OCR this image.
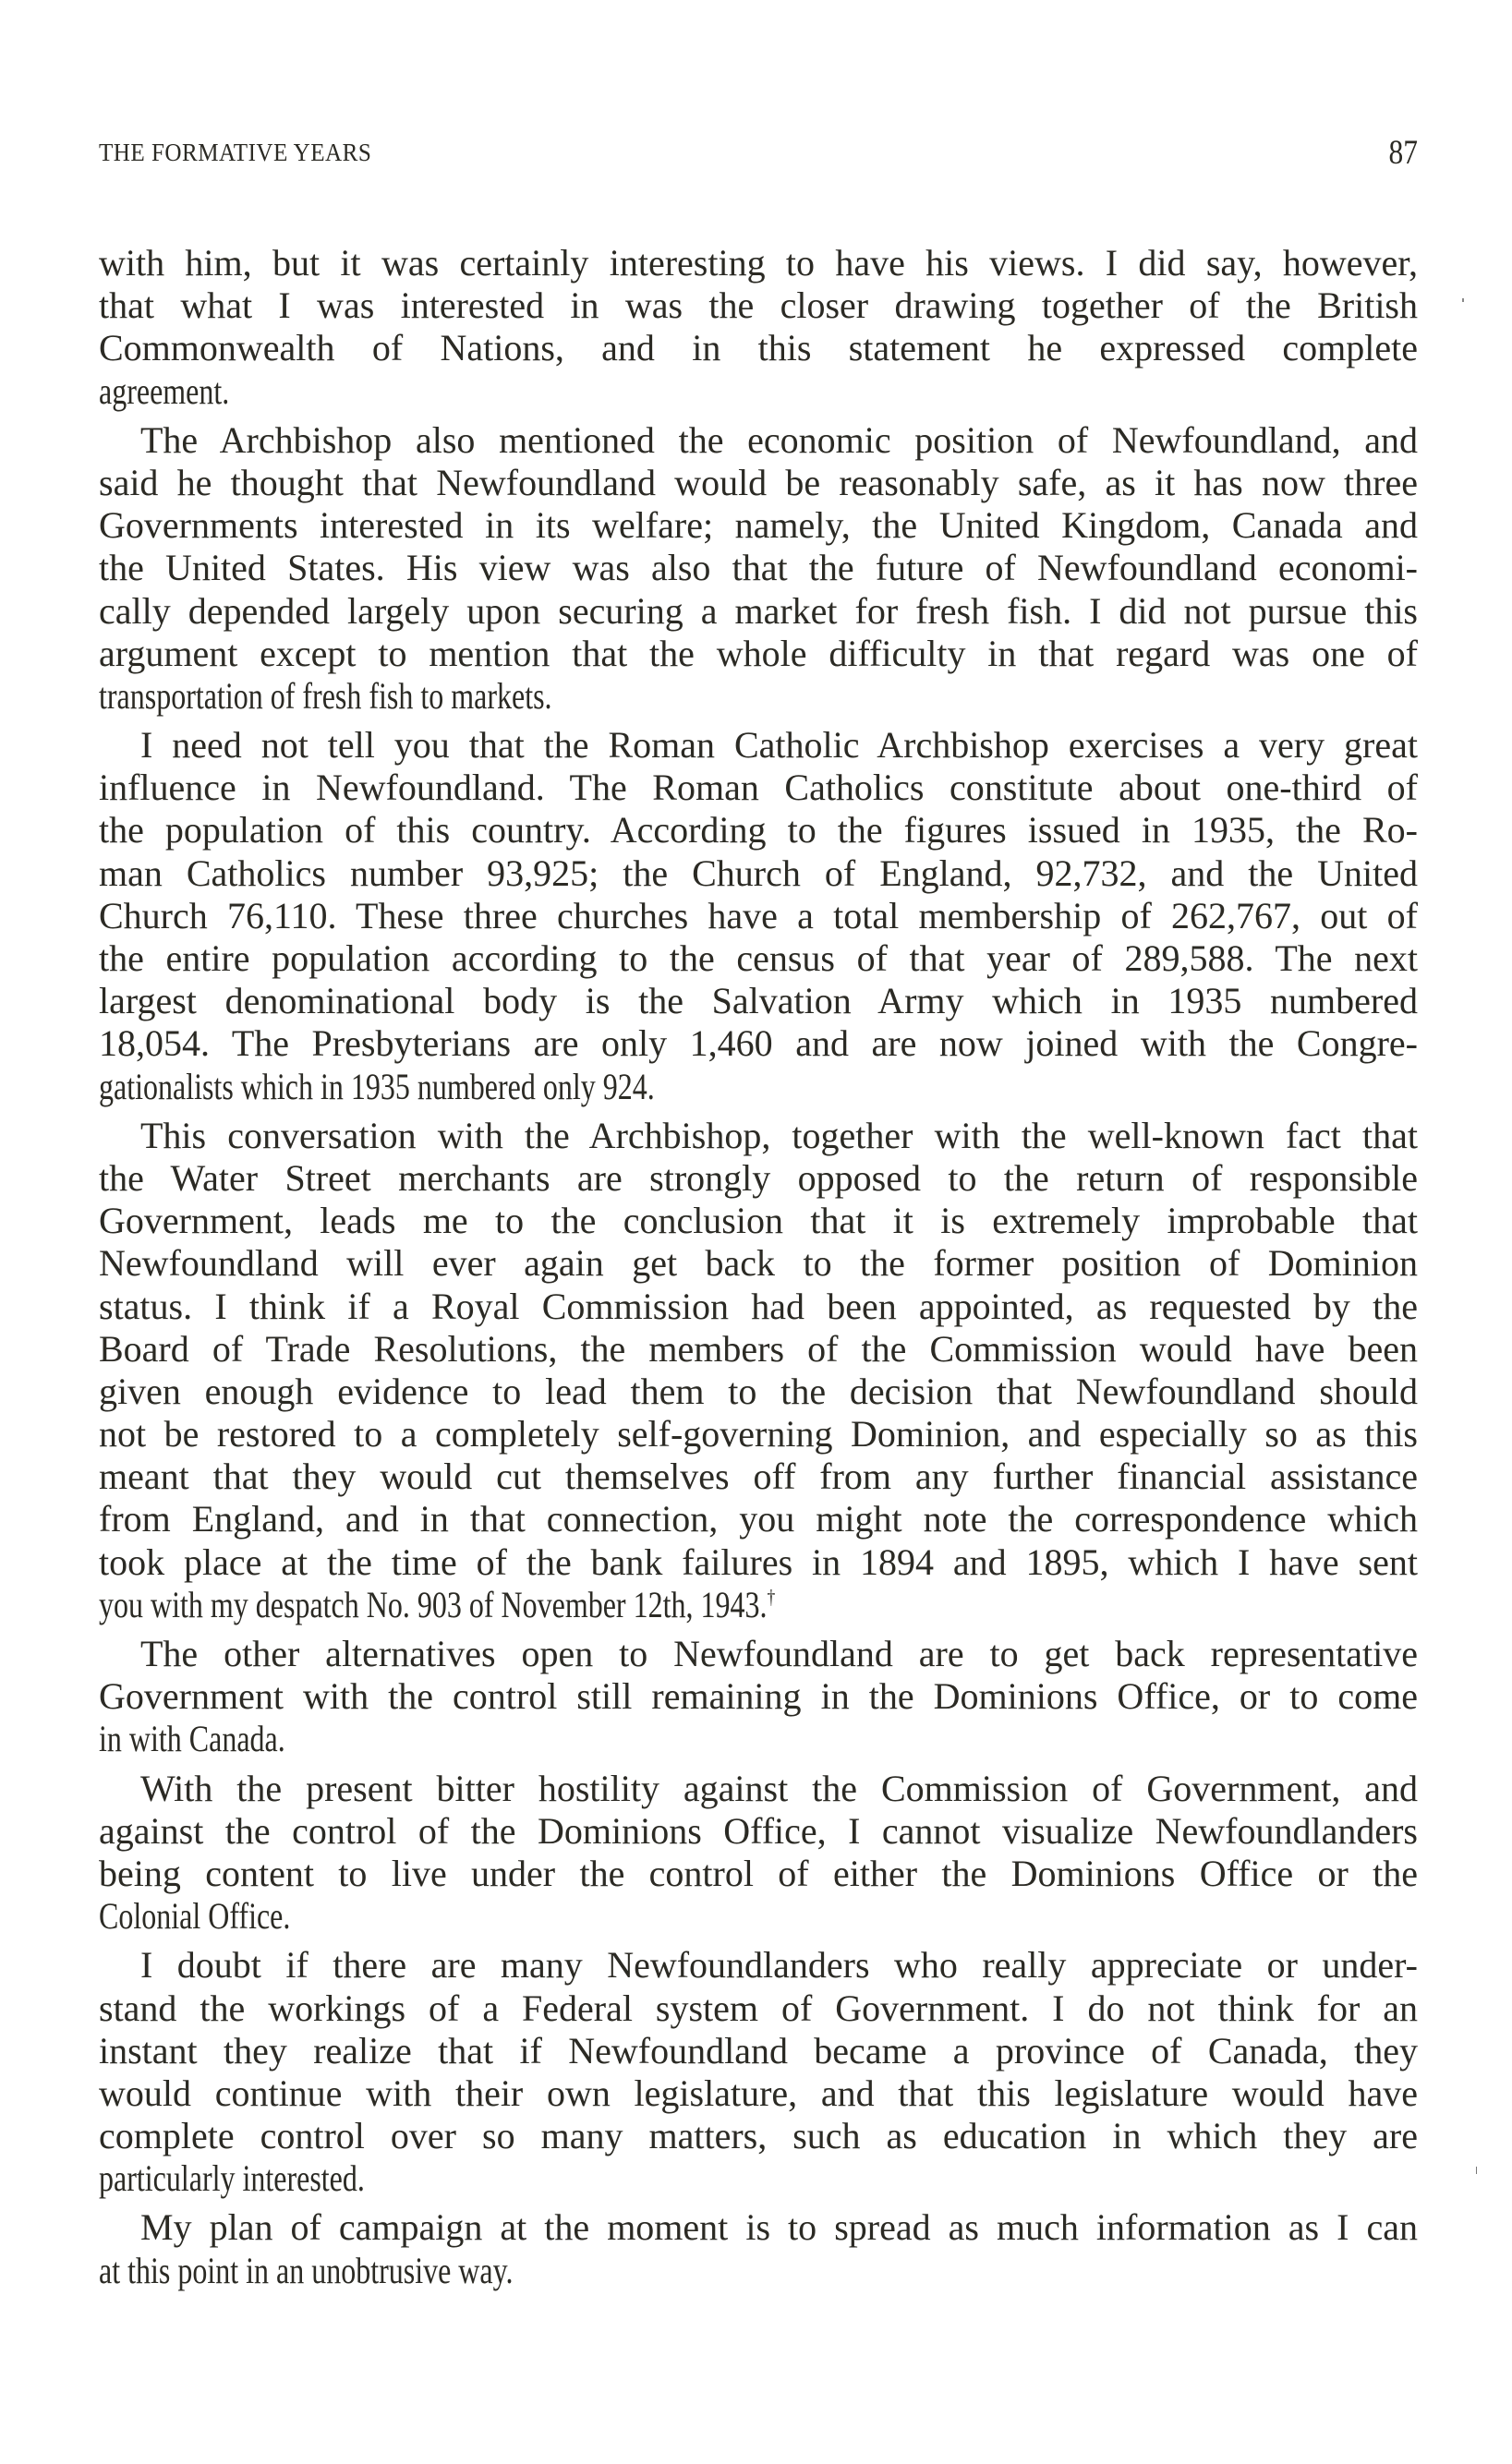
THE FORMATIVE YEARS	87

with him, but it was certainly interesting to have his views. I did say, however,
that what I was interested in was the closer drawing together of the British
Commonwealth of Nations, and in this statement he expressed complete
agreement.

The Archbishop also mentioned the economic position of Newfoundland, and
said he thought that Newfoundland would be reasonably safe, as it has now three
Governments interested in its welfare; namely, the United Kingdom, Canada and
the United States. His view was also that the future of Newfoundland economi-
cally depended largely upon securing a market for fresh fish. I did not pursue this
argument except to mention that the whole difficulty in that regard was one of
transportation of fresh fish to markets.

I need not tell you that the Roman Catholic Archbishop exercises a very great
influence in Newfoundland. The Roman Catholics constitute about one-third of
the population of this country. According to the figures issued in 1935, the Ro-
man Catholics number 93,925; the Church of England, 92,732, and the United
Church 76,110. These three churches have a total membership of 262,767, out of
the entire population according to the census of that year of 289,588. The next
largest denominational body is the Salvation Army which in 1935 numbered
18,054. The Presbyterians are only 1,460 and are now joined with the Congre-
gationalists which in 1935 numbered only 924.

This conversation with the Archbishop, together with the well-known fact that
the Water Street merchants are strongly opposed to the return of responsible
Government, leads me to the conclusion that it is extremely improbable that
Newfoundland will ever again get back to the former position of Dominion
status. I think if a Royal Commission had been appointed, as requested by the
Board of Trade Resolutions, the members of the Commission would have been
given enough evidence to lead them to the decision that Newfoundland should
not be restored to a completely self-governing Dominion, and especially so as this
meant that they would cut themselves off from any further financial assistance
from England, and in that connection, you might note the correspondence which
took place at the time of the bank failures in 1894 and 1895, which I have sent
you with my despatch No. 903 of November 12th, 1943.†

The other alternatives open to Newfoundland are to get back representative
Government with the control still remaining in the Dominions Office, or to come
in with Canada.

With the present bitter hostility against the Commission of Government, and
against the control of the Dominions Office, I cannot visualize Newfoundlanders
being content to live under the control of either the Dominions Office or the
Colonial Office.

I doubt if there are many Newfoundlanders who really appreciate or under-
stand the workings of a Federal system of Government. I do not think for an
instant they realize that if Newfoundland became a province of Canada, they
would continue with their own legislature, and that this legislature would have
complete control over so many matters, such as education in which they are
particularly interested.

My plan of campaign at the moment is to spread as much information as I can
at this point in an unobtrusive way.
